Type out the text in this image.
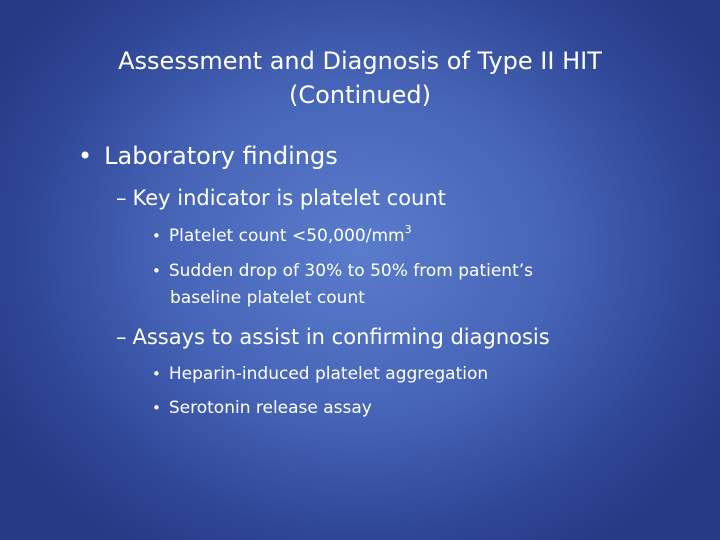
Assessment and Diagnosis of Type II HIT
(Continued)
• Laboratory findings
– Key indicator is platelet count
• Platelet count $<50,000/mm^3$
• Sudden drop of 30% to 50% from patient’s
baseline platelet count
– Assays to assist in confirming diagnosis
• Heparin-induced platelet aggregation
• Serotonin release assay
